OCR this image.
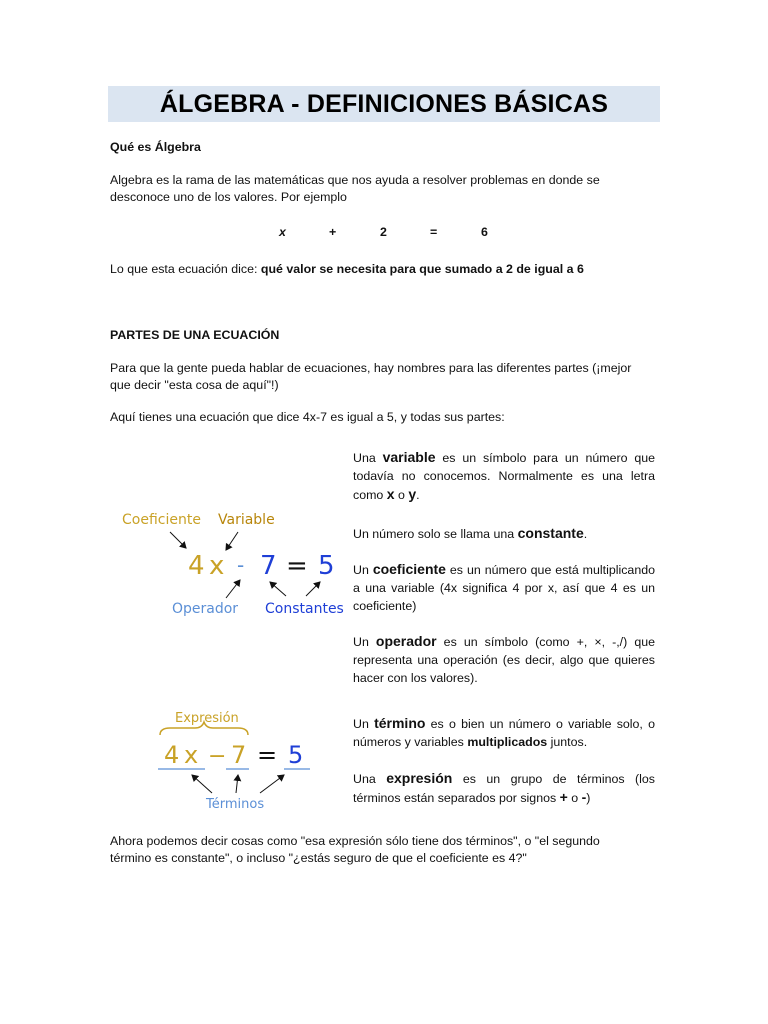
ÁLGEBRA - DEFINICIONES BÁSICAS
Qué es Álgebra
Algebra es la rama de las matemáticas que nos ayuda a resolver problemas en donde se
desconoce uno de los valores. Por ejemplo
x	+	2	=	6
Lo que esta ecuación dice: qué valor se necesita para que sumado a 2 de igual a 6
PARTES DE UNA ECUACIÓN
Para que la gente pueda hablar de ecuaciones, hay nombres para las diferentes partes (¡mejor
que decir "esta cosa de aquí"!)
Aquí tienes una ecuación que dice 4x-7 es igual a 5, y todas sus partes:
Coeficiente Variable
4 x - 7 = 5
Operador Constantes
Expresión
4 x − 7 = 5
Términos
Una variable es un símbolo para un número que todavía no conocemos. Normalmente es una letra como x o y.
Un número solo se llama una constante.
Un coeficiente es un número que está multiplicando a una variable (4x significa 4 por x, así que 4 es un coeficiente)
Un operador es un símbolo (como +, ×, -,/) que representa una operación (es decir, algo que quieres hacer con los valores).
Un término es o bien un número o variable solo, o números y variables multiplicados juntos.
Una expresión es un grupo de términos (los términos están separados por signos + o -)
Ahora podemos decir cosas como "esa expresión sólo tiene dos términos", o "el segundo
término es constante", o incluso "¿estás seguro de que el coeficiente es 4?"
